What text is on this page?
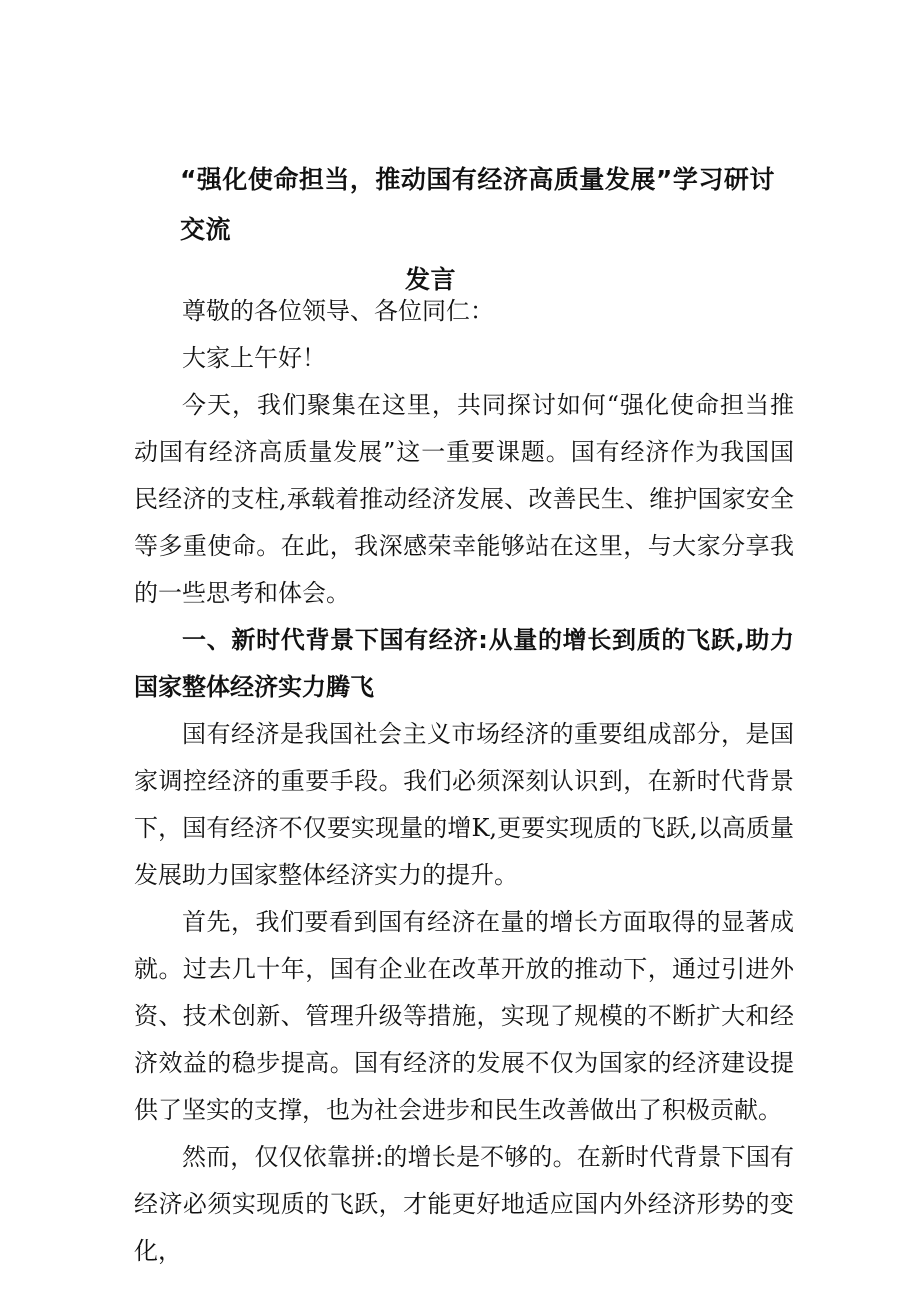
“强化使命担当，推动国有经济高质量发展”学习研讨交流
发言

尊敬的各位领导、各位同仁：

大家上午好！

今天，我们聚集在这里，共同探讨如何“强化使命担当推动国有经济高质量发展”这一重要课题。国有经济作为我国国民经济的支柱,承载着推动经济发展、改善民生、维护国家安全等多重使命。在此，我深感荣幸能够站在这里，与大家分享我的一些思考和体会。

一、新时代背景下国有经济:从量的增长到质的飞跃,助力国家整体经济实力腾飞

国有经济是我国社会主义市场经济的重要组成部分，是国家调控经济的重要手段。我们必须深刻认识到，在新时代背景下，国有经济不仅要实现量的增K,更要实现质的飞跃,以高质量发展助力国家整体经济实力的提升。

首先，我们要看到国有经济在量的增长方面取得的显著成就。过去几十年，国有企业在改革开放的推动下，通过引进外资、技术创新、管理升级等措施，实现了规模的不断扩大和经济效益的稳步提高。国有经济的发展不仅为国家的经济建设提供了坚实的支撑，也为社会进步和民生改善做出了积极贡献。

然而，仅仅依靠拼:的增长是不够的。在新时代背景下国有经济必须实现质的飞跃，才能更好地适应国内外经济形势的变化，
